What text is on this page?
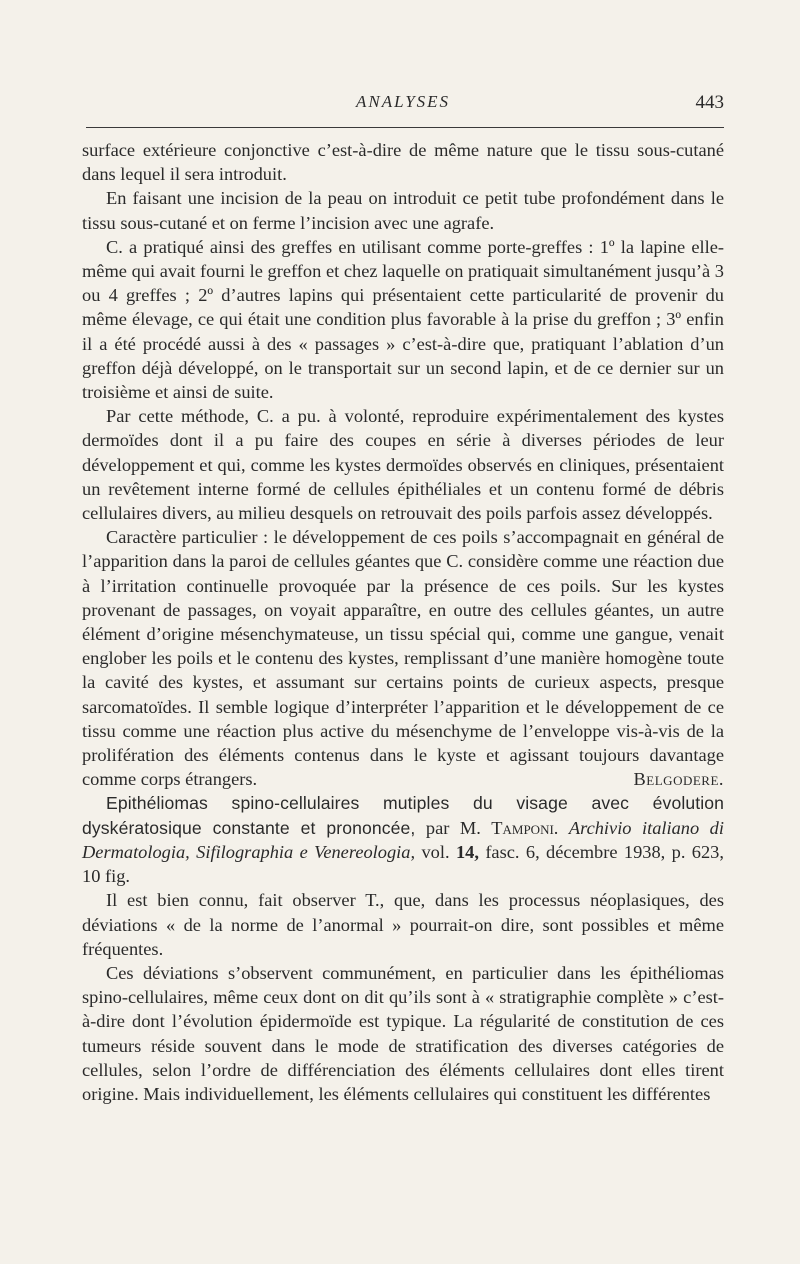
ANALYSES	443

surface extérieure conjonctive c’est-à-dire de même nature que le tissu sous-cutané dans lequel il sera introduit.

En faisant une incision de la peau on introduit ce petit tube profondément dans le tissu sous-cutané et on ferme l’incision avec une agrafe.

C. a pratiqué ainsi des greffes en utilisant comme porte-greffes : 1º la lapine elle-même qui avait fourni le greffon et chez laquelle on pratiquait simultanément jusqu’à 3 ou 4 greffes ; 2º d’autres lapins qui présentaient cette particularité de provenir du même élevage, ce qui était une condition plus favorable à la prise du greffon ; 3º enfin il a été procédé aussi à des « passages » c’est-à-dire que, pratiquant l’ablation d’un greffon déjà développé, on le transportait sur un second lapin, et de ce dernier sur un troisième et ainsi de suite.

Par cette méthode, C. a pu. à volonté, reproduire expérimentalement des kystes dermoïdes dont il a pu faire des coupes en série à diverses périodes de leur développement et qui, comme les kystes dermoïdes observés en cliniques, présentaient un revêtement interne formé de cellules épithéliales et un contenu formé de débris cellulaires divers, au milieu desquels on retrouvait des poils parfois assez développés.

Caractère particulier : le développement de ces poils s’accompagnait en général de l’apparition dans la paroi de cellules géantes que C. considère comme une réaction due à l’irritation continuelle provoquée par la présence de ces poils. Sur les kystes provenant de passages, on voyait apparaître, en outre des cellules géantes, un autre élément d’origine mésenchymateuse, un tissu spécial qui, comme une gangue, venait englober les poils et le contenu des kystes, remplissant d’une manière homogène toute la cavité des kystes, et assumant sur certains points de curieux aspects, presque sarcomatoïdes. Il semble logique d’interpréter l’apparition et le développement de ce tissu comme une réaction plus active du mésenchyme de l’enveloppe vis-à-vis de la prolifération des éléments contenus dans le kyste et agissant toujours davantage comme corps étrangers.	Belgodere.

Epithéliomas spino-cellulaires mutiples du visage avec évolution dyskératosique constante et prononcée, par M. Tamponi. Archivio italiano di Dermatologia, Sifilographia e Venereologia, vol. 14, fasc. 6, décembre 1938, p. 623, 10 fig.

Il est bien connu, fait observer T., que, dans les processus néoplasiques, des déviations « de la norme de l’anormal » pourrait-on dire, sont possibles et même fréquentes.

Ces déviations s’observent communément, en particulier dans les épithéliomas spino-cellulaires, même ceux dont on dit qu’ils sont à « stratigraphie complète » c’est-à-dire dont l’évolution épidermoïde est typique. La régularité de constitution de ces tumeurs réside souvent dans le mode de stratification des diverses catégories de cellules, selon l’ordre de différenciation des éléments cellulaires dont elles tirent origine. Mais individuellement, les éléments cellulaires qui constituent les différentes
